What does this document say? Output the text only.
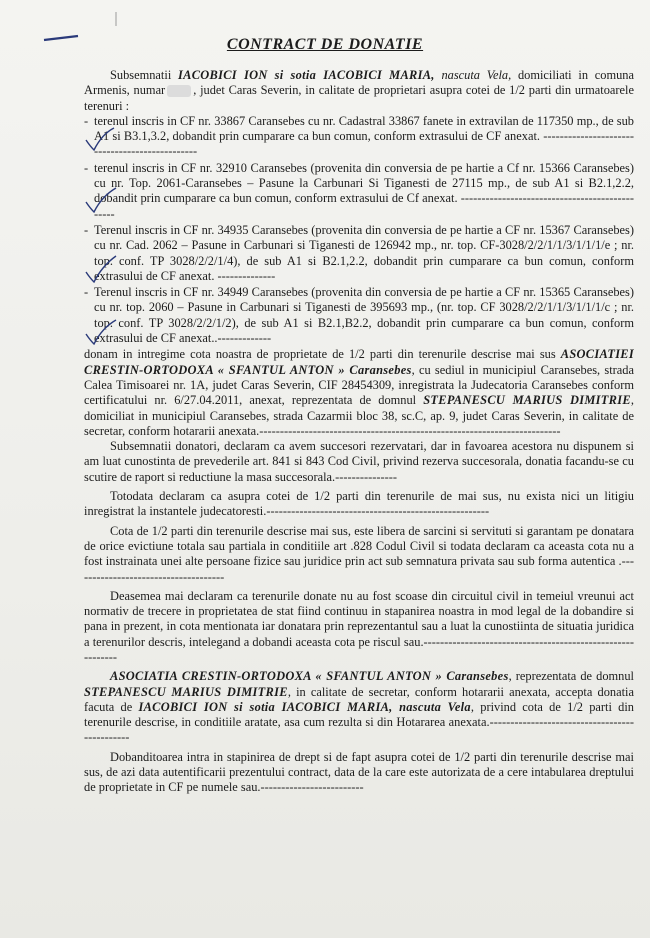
CONTRACT DE DONATIE

Subsemnatii IACOBICI ION si sotia IACOBICI MARIA, nascuta Vela, domiciliati in comuna Armenis, numar , judet Caras Severin, in calitate de proprietari asupra cotei de 1/2 parti din urmatoarele terenuri :

- terenul inscris in CF nr. 33867 Caransebes cu nr. Cadastral 33867 fanete in extravilan de 117350 mp., de sub A1 si B3.1,3.2, dobandit prin cumparare ca bun comun, conform extrasului de CF anexat. -----------------------------------------------
- terenul inscris in CF nr. 32910 Caransebes (provenita din conversia de pe hartie a Cf nr. 15366 Caransebes) cu nr. Top. 2061-Caransebes – Pasune la Carbunari Si Tiganesti de 27115 mp., de sub A1 si B2.1,2.2, dobandit prin cumparare ca bun comun, conform extrasului de Cf anexat. -----------------------------------------------
- Terenul inscris in CF nr. 34935 Caransebes (provenita din conversia de pe hartie a CF nr. 15367 Caransebes) cu nr. Cad. 2062 – Pasune in Carbunari si Tiganesti de 126942 mp., nr. top. CF-3028/2/2/1/1/3/1/1/1/e ; nr. top. conf. TP 3028/2/2/1/4), de sub A1 si B2.1,2.2, dobandit prin cumparare ca bun comun, conform extrasului de CF anexat. --------------
- Terenul inscris in CF nr. 34949 Caransebes (provenita din conversia de pe hartie a CF nr. 15365 Caransebes) cu nr. top. 2060 – Pasune in Carbunari si Tiganesti de 395693 mp., (nr. top. CF 3028/2/2/1/1/3/1/1/1/c ; nr. top. conf. TP 3028/2/2/1/2), de sub A1 si B2.1,B2.2, dobandit prin cumparare ca bun comun, conform extrasului de CF anexat..-------------

donam in intregime cota noastra de proprietate de 1/2 parti din terenurile descrise mai sus ASOCIATIEI CRESTIN-ORTODOXA « SFANTUL ANTON » Caransebes, cu sediul in municipiul Caransebes, strada Calea Timisoarei nr. 1A, judet Caras Severin, CIF 28454309, inregistrata la Judecatoria Caransebes conform certificatului nr. 6/27.04.2011, anexat, reprezentata de domnul STEPANESCU MARIUS DIMITRIE, domiciliat in municipiul Caransebes, strada Cazarmii bloc 38, sc.C, ap. 9, judet Caras Severin, in calitate de secretar, conform hotararii anexata.-------------------------------------------------------------------------

Subsemnatii donatori, declaram ca avem succesori rezervatari, dar in favoarea acestora nu dispunem si am luat cunostinta de prevederile art. 841 si 843 Cod Civil, privind rezerva succesorala, donatia facandu-se cu scutire de raport si reductiune la masa succesorala.---------------

Totodata declaram ca asupra cotei de 1/2 parti din terenurile de mai sus, nu exista nici un litigiu inregistrat la instantele judecatoresti.------------------------------------------------------

Cota de 1/2 parti din terenurile descrise mai sus, este libera de sarcini si servituti si garantam pe donatara de orice evictiune totala sau partiala in conditiile art .828 Codul Civil si todata declaram ca aceasta cota nu a fost instrainata unei alte persoane fizice sau juridice prin act sub semnatura privata sau sub forma autentica .-------------------------------------

Deasemea mai declaram ca terenurile donate nu au fost scoase din circuitul civil in temeiul vreunui act normativ de trecere in proprietatea de stat fiind continuu in stapanirea noastra in mod legal de la dobandire si pana in prezent, in cota mentionata iar donatara prin reprezentantul sau a luat la cunostiinta de situatia juridica a terenurilor descris, intelegand a dobandi aceasta cota pe riscul sau.-----------------------------------------------------------

ASOCIATIA CRESTIN-ORTODOXA « SFANTUL ANTON » Caransebes, reprezentata de domnul STEPANESCU MARIUS DIMITRIE, in calitate de secretar, conform hotararii anexata, accepta donatia facuta de IACOBICI ION si sotia IACOBICI MARIA, nascuta Vela, privind cota de 1/2 parti din terenurile descrise, in conditiile aratate, asa cum rezulta si din Hotararea anexata.----------------------------------------------

Dobanditoarea intra in stapinirea de drept si de fapt asupra cotei de 1/2 parti din terenurile descrise mai sus, de azi data autentificarii prezentului contract, data de la care este autorizata de a cere intabularea dreptului de proprietate in CF pe numele sau.-------------------------
